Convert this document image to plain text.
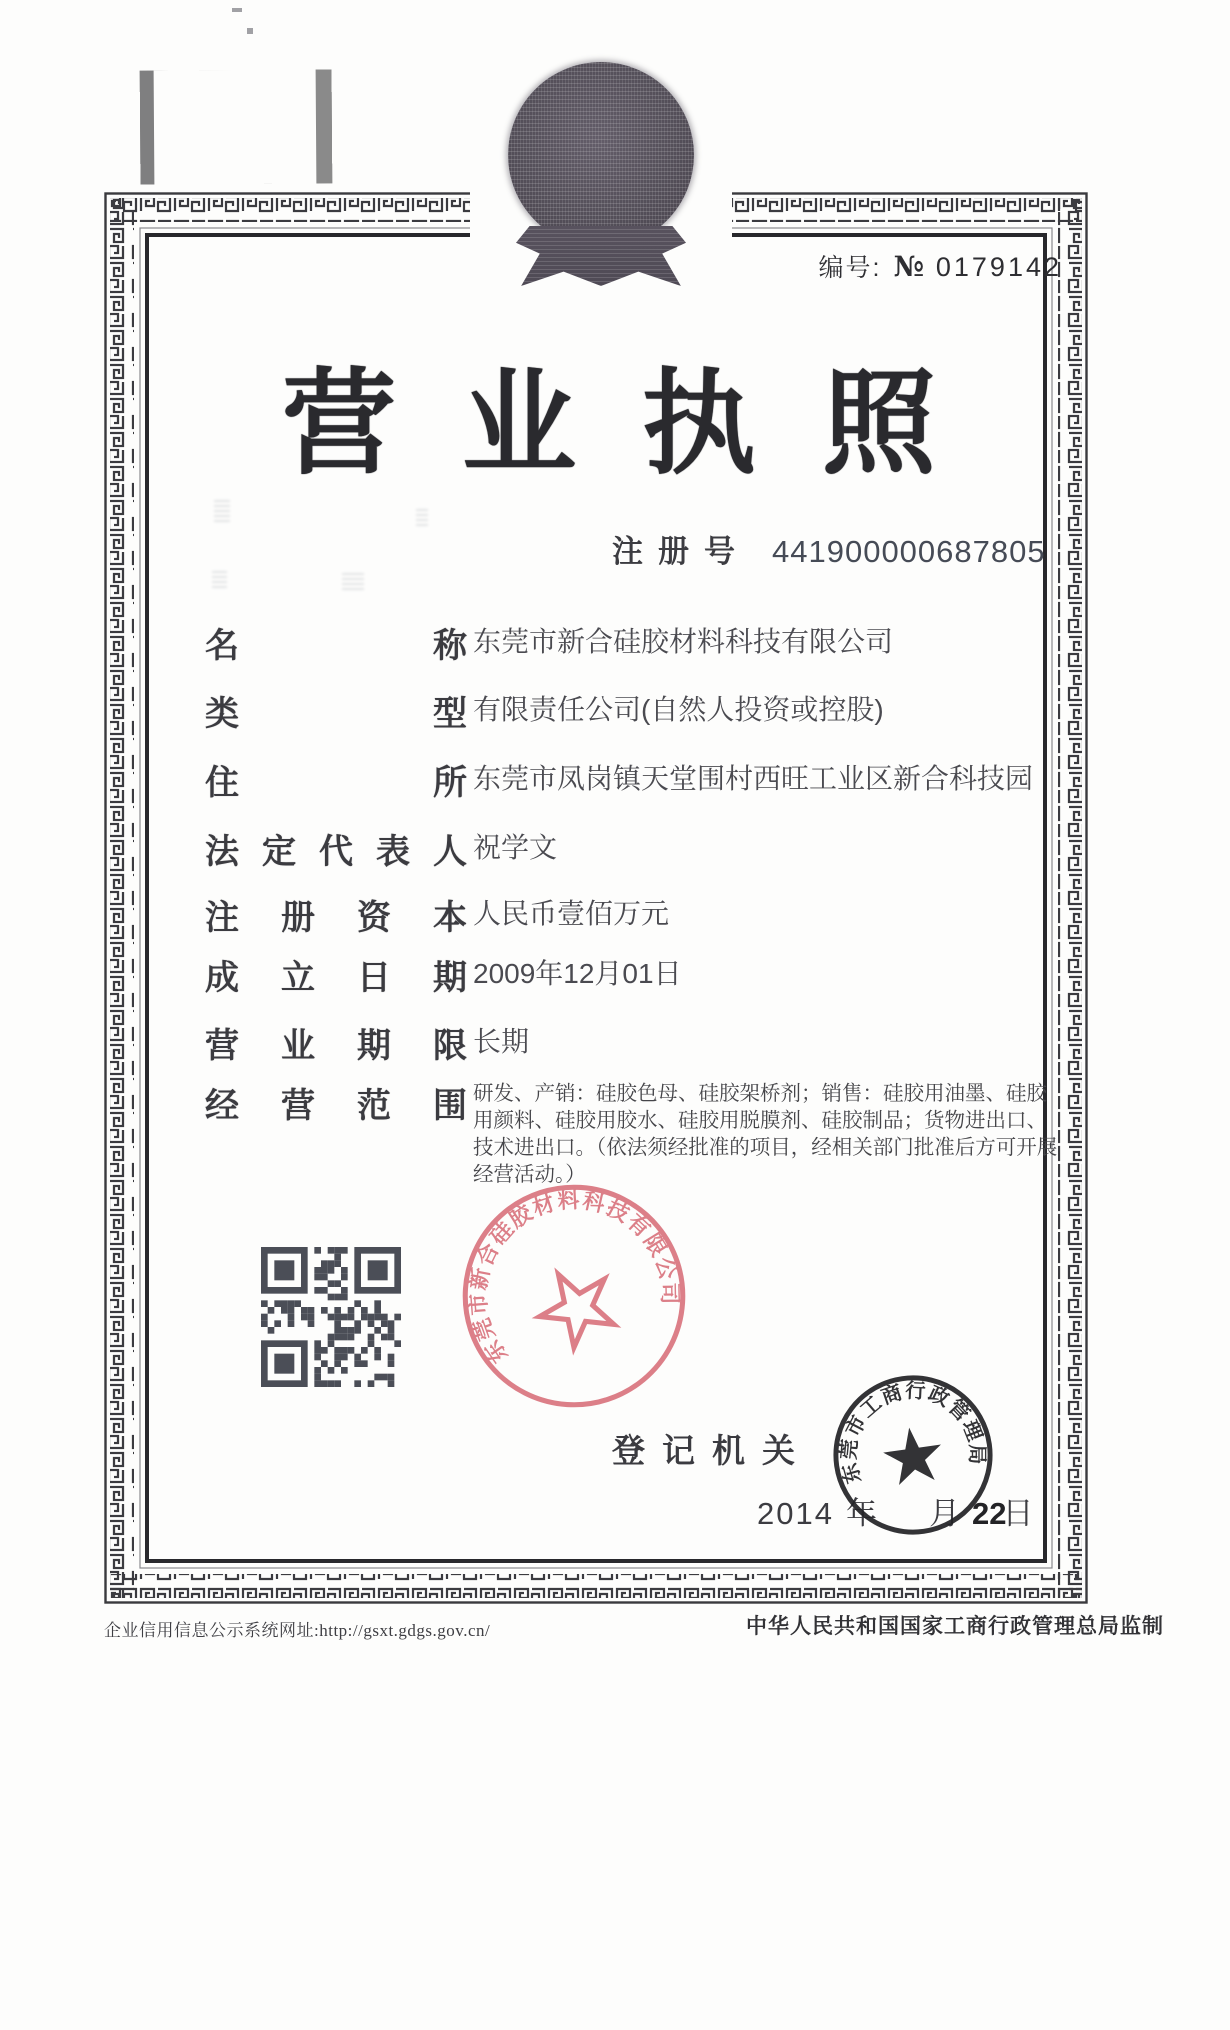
编号: № 0179142
营业执照
注册号 441900000687805
名	称 东莞市新合硅胶材料科技有限公司
类	型 有限责任公司(自然人投资或控股)
住	所 东莞市凤岗镇天堂围村西旺工业区新合科技园
法 定 代 表 人 祝学文
注 册 资 本 人民币壹佰万元
成 立 日 期 2009年12月01日
营 业 期 限 长期
经 营 范 围 研发、产销：硅胶色母、硅胶架桥剂；销售：硅胶用油墨、硅胶用颜料、硅胶用胶水、硅胶用脱膜剂、硅胶制品；货物进出口、技术进出口。（依法须经批准的项目，经相关部门批准后方可开展经营活动。）
东莞市新合硅胶材料科技有限公司
登记机关
2014 年 月 22
日
东莞市工商行政管理局
企业信用信息公示系统网址:http://gsxt.gdgs.gov.cn/	中华人民共和国国家工商行政管理总局监制
